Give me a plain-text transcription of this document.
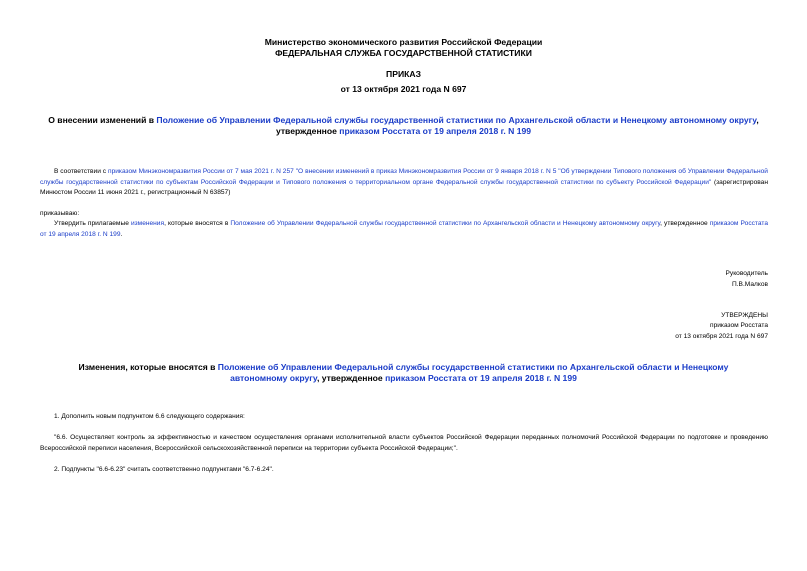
Министерство экономического развития Российской Федерации
ФЕДЕРАЛЬНАЯ СЛУЖБА ГОСУДАРСТВЕННОЙ СТАТИСТИКИ
ПРИКАЗ
от 13 октября 2021 года N 697
О внесении изменений в Положение об Управлении Федеральной службы государственной статистики по Архангельской области и Ненецкому автономному округу, утвержденное приказом Росстата от 19 апреля 2018 г. N 199
В соответствии с приказом Минэкономразвития России от 7 мая 2021 г. N 257 "О внесении изменений в приказ Минэкономразвития России от 9 января 2018 г. N 5 "Об утверждении Типового положения об Управлении Федеральной службы государственной статистики по субъектам Российской Федерации и Типового положения о территориальном органе Федеральной службы государственной статистики по субъекту Российской Федерации" (зарегистрирован Минюстом России 11 июня 2021 г., регистрационный N 63857)
приказываю:
Утвердить прилагаемые изменения, которые вносятся в Положение об Управлении Федеральной службы государственной статистики по Архангельской области и Ненецкому автономному округу, утвержденное приказом Росстата от 19 апреля 2018 г. N 199.
Руководитель
П.В.Малков
УТВЕРЖДЕНЫ
приказом Росстата
от 13 октября 2021 года N 697
Изменения, которые вносятся в Положение об Управлении Федеральной службы государственной статистики по Архангельской области и Ненецкому автономному округу, утвержденное приказом Росстата от 19 апреля 2018 г. N 199
1. Дополнить новым подпунктом 6.6 следующего содержания:
"6.6. Осуществляет контроль за эффективностью и качеством осуществления органами исполнительной власти субъектов Российской Федерации переданных полномочий Российской Федерации по подготовке и проведению Всероссийской переписи населения, Всероссийской сельскохозяйственной переписи на территории субъекта Российской Федерации;".
2. Подпункты "6.6-6.23" считать соответственно подпунктами "6.7-6.24".
